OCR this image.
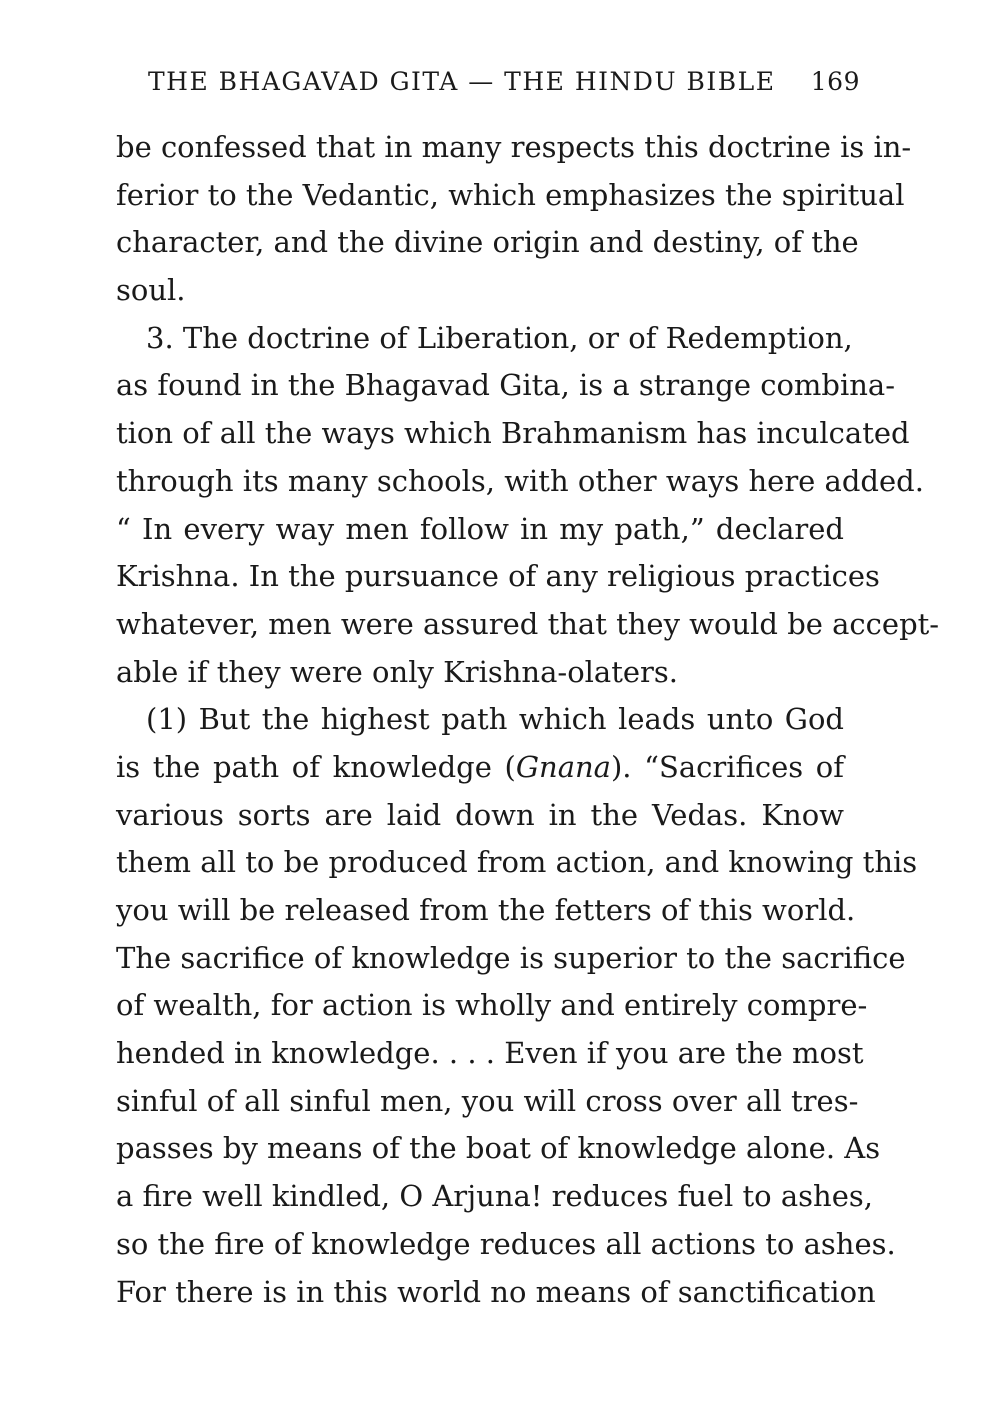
THE BHAGAVAD GITA — THE HINDU BIBLE 169
be confessed that in many respects this doctrine is in-
ferior to the Vedantic, which emphasizes the spiritual
character, and the divine origin and destiny, of the
soul.
3. The doctrine of Liberation, or of Redemption,
as found in the Bhagavad Gita, is a strange combina-
tion of all the ways which Brahmanism has inculcated
through its many schools, with other ways here added.
“ In every way men follow in my path,” declared
Krishna. In the pursuance of any religious practices
whatever, men were assured that they would be accept-
able if they were only Krishna-olaters.
(1) But the highest path which leads unto God
is the path of knowledge (Gnana). “Sacrifices of
various sorts are laid down in the Vedas. Know
them all to be produced from action, and knowing this
you will be released from the fetters of this world.
The sacrifice of knowledge is superior to the sacrifice
of wealth, for action is wholly and entirely compre-
hended in knowledge. . . . Even if you are the most
sinful of all sinful men, you will cross over all tres-
passes by means of the boat of knowledge alone. As
a fire well kindled, O Arjuna! reduces fuel to ashes,
so the fire of knowledge reduces all actions to ashes.
For there is in this world no means of sanctification
